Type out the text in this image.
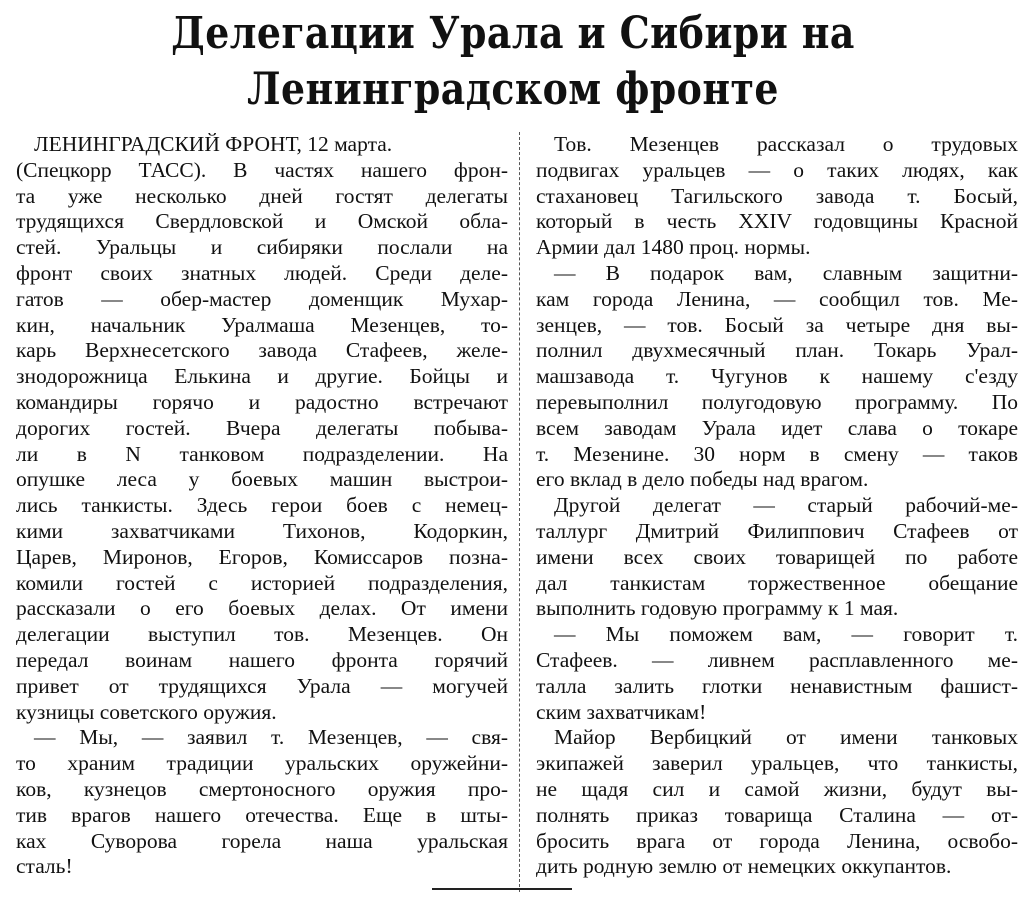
Делегации Урала и Сибири на
Ленинградском фронте
ЛЕНИНГРАДСКИЙ ФРОНТ, 12 марта.
(Спецкорр ТАСС). В частях нашего фрон-
та уже несколько дней гостят делегаты
трудящихся Свердловской и Омской обла-
стей. Уральцы и сибиряки послали на
фронт своих знатных людей. Среди деле-
гатов — обер-мастер доменщик Мухар-
кин, начальник Уралмаша Мезенцев, то-
карь Верхнесетского завода Стафеев, желе-
знодорожница Елькина и другие. Бойцы и
командиры горячо и радостно встречают
дорогих гостей. Вчера делегаты побыва-
ли в N танковом подразделении. На
опушке леса у боевых машин выстрои-
лись танкисты. Здесь герои боев с немец-
кими захватчиками Тихонов, Кодоркин,
Царев, Миронов, Егоров, Комиссаров позна-
комили гостей с историей подразделения,
рассказали о его боевых делах. От имени
делегации выступил тов. Мезенцев. Он
передал воинам нашего фронта горячий
привет от трудящихся Урала — могучей
кузницы советского оружия.
— Мы, — заявил т. Мезенцев, — свя-
то храним традиции уральских оружейни-
ков, кузнецов смертоносного оружия про-
тив врагов нашего отечества. Еще в шты-
ках Суворова горела наша уральская
сталь!
Тов. Мезенцев рассказал о трудовых
подвигах уральцев — о таких людях, как
стахановец Тагильского завода т. Босый,
который в честь XXIV годовщины Красной
Армии дал 1480 проц. нормы.
— В подарок вам, славным защитни-
кам города Ленина, — сообщил тов. Ме-
зенцев, — тов. Босый за четыре дня вы-
полнил двухмесячный план. Токарь Урал-
машзавода т. Чугунов к нашему с'езду
перевыполнил полугодовую программу. По
всем заводам Урала идет слава о токаре
т. Мезенине. 30 норм в смену — таков
его вклад в дело победы над врагом.
Другой делегат — старый рабочий-ме-
таллург Дмитрий Филиппович Стафеев от
имени всех своих товарищей по работе
дал танкистам торжественное обещание
выполнить годовую программу к 1 мая.
— Мы поможем вам, — говорит т.
Стафеев. — ливнем расплавленного ме-
талла залить глотки ненавистным фашист-
ским захватчикам!
Майор Вербицкий от имени танковых
экипажей заверил уральцев, что танкисты,
не щадя сил и самой жизни, будут вы-
полнять приказ товарища Сталина — от-
бросить врага от города Ленина, освобо-
дить родную землю от немецких оккупантов.
